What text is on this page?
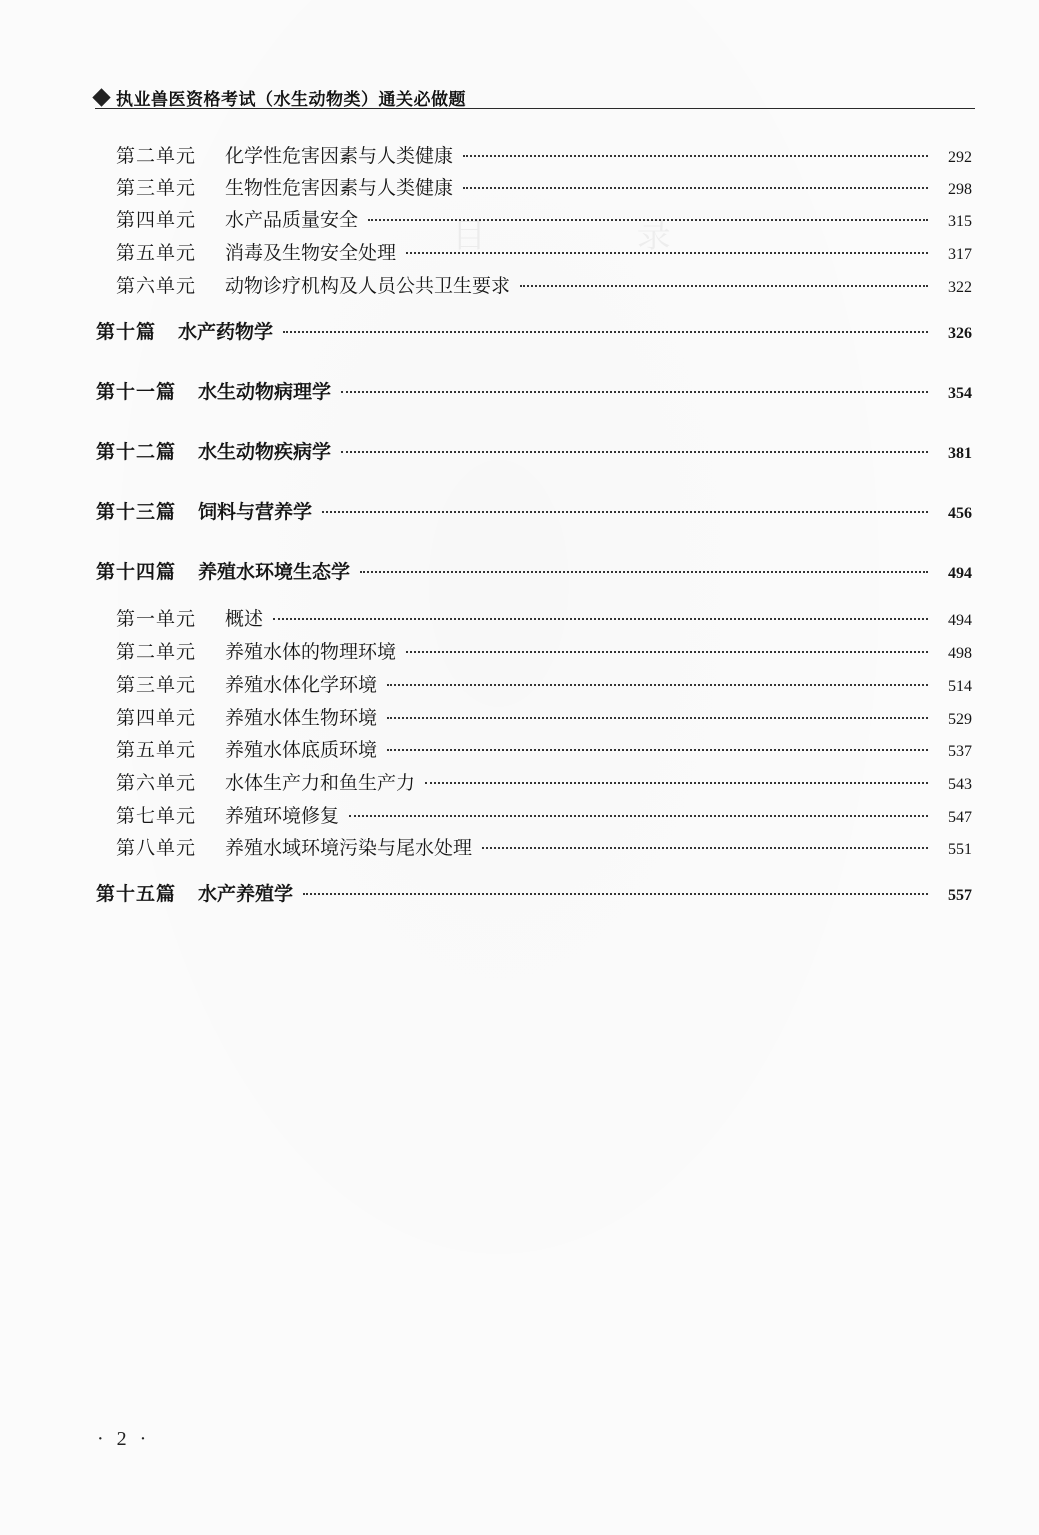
目 录
执业兽医资格考试（水生动物类）通关必做题
第二单元	化学性危害因素与人类健康	292
第三单元	生物性危害因素与人类健康	298
第四单元	水产品质量安全	315
第五单元	消毒及生物安全处理	317
第六单元	动物诊疗机构及人员公共卫生要求	322
第十篇 水产药物学	326
第十一篇 水生动物病理学	354
第十二篇 水生动物疾病学	381
第十三篇 饲料与营养学	456
第十四篇 养殖水环境生态学	494
第一单元	概述	494
第二单元	养殖水体的物理环境	498
第三单元	养殖水体化学环境	514
第四单元	养殖水体生物环境	529
第五单元	养殖水体底质环境	537
第六单元	水体生产力和鱼生产力	543
第七单元	养殖环境修复	547
第八单元	养殖水域环境污染与尾水处理	551
第十五篇 水产养殖学	557
· 2 ·
